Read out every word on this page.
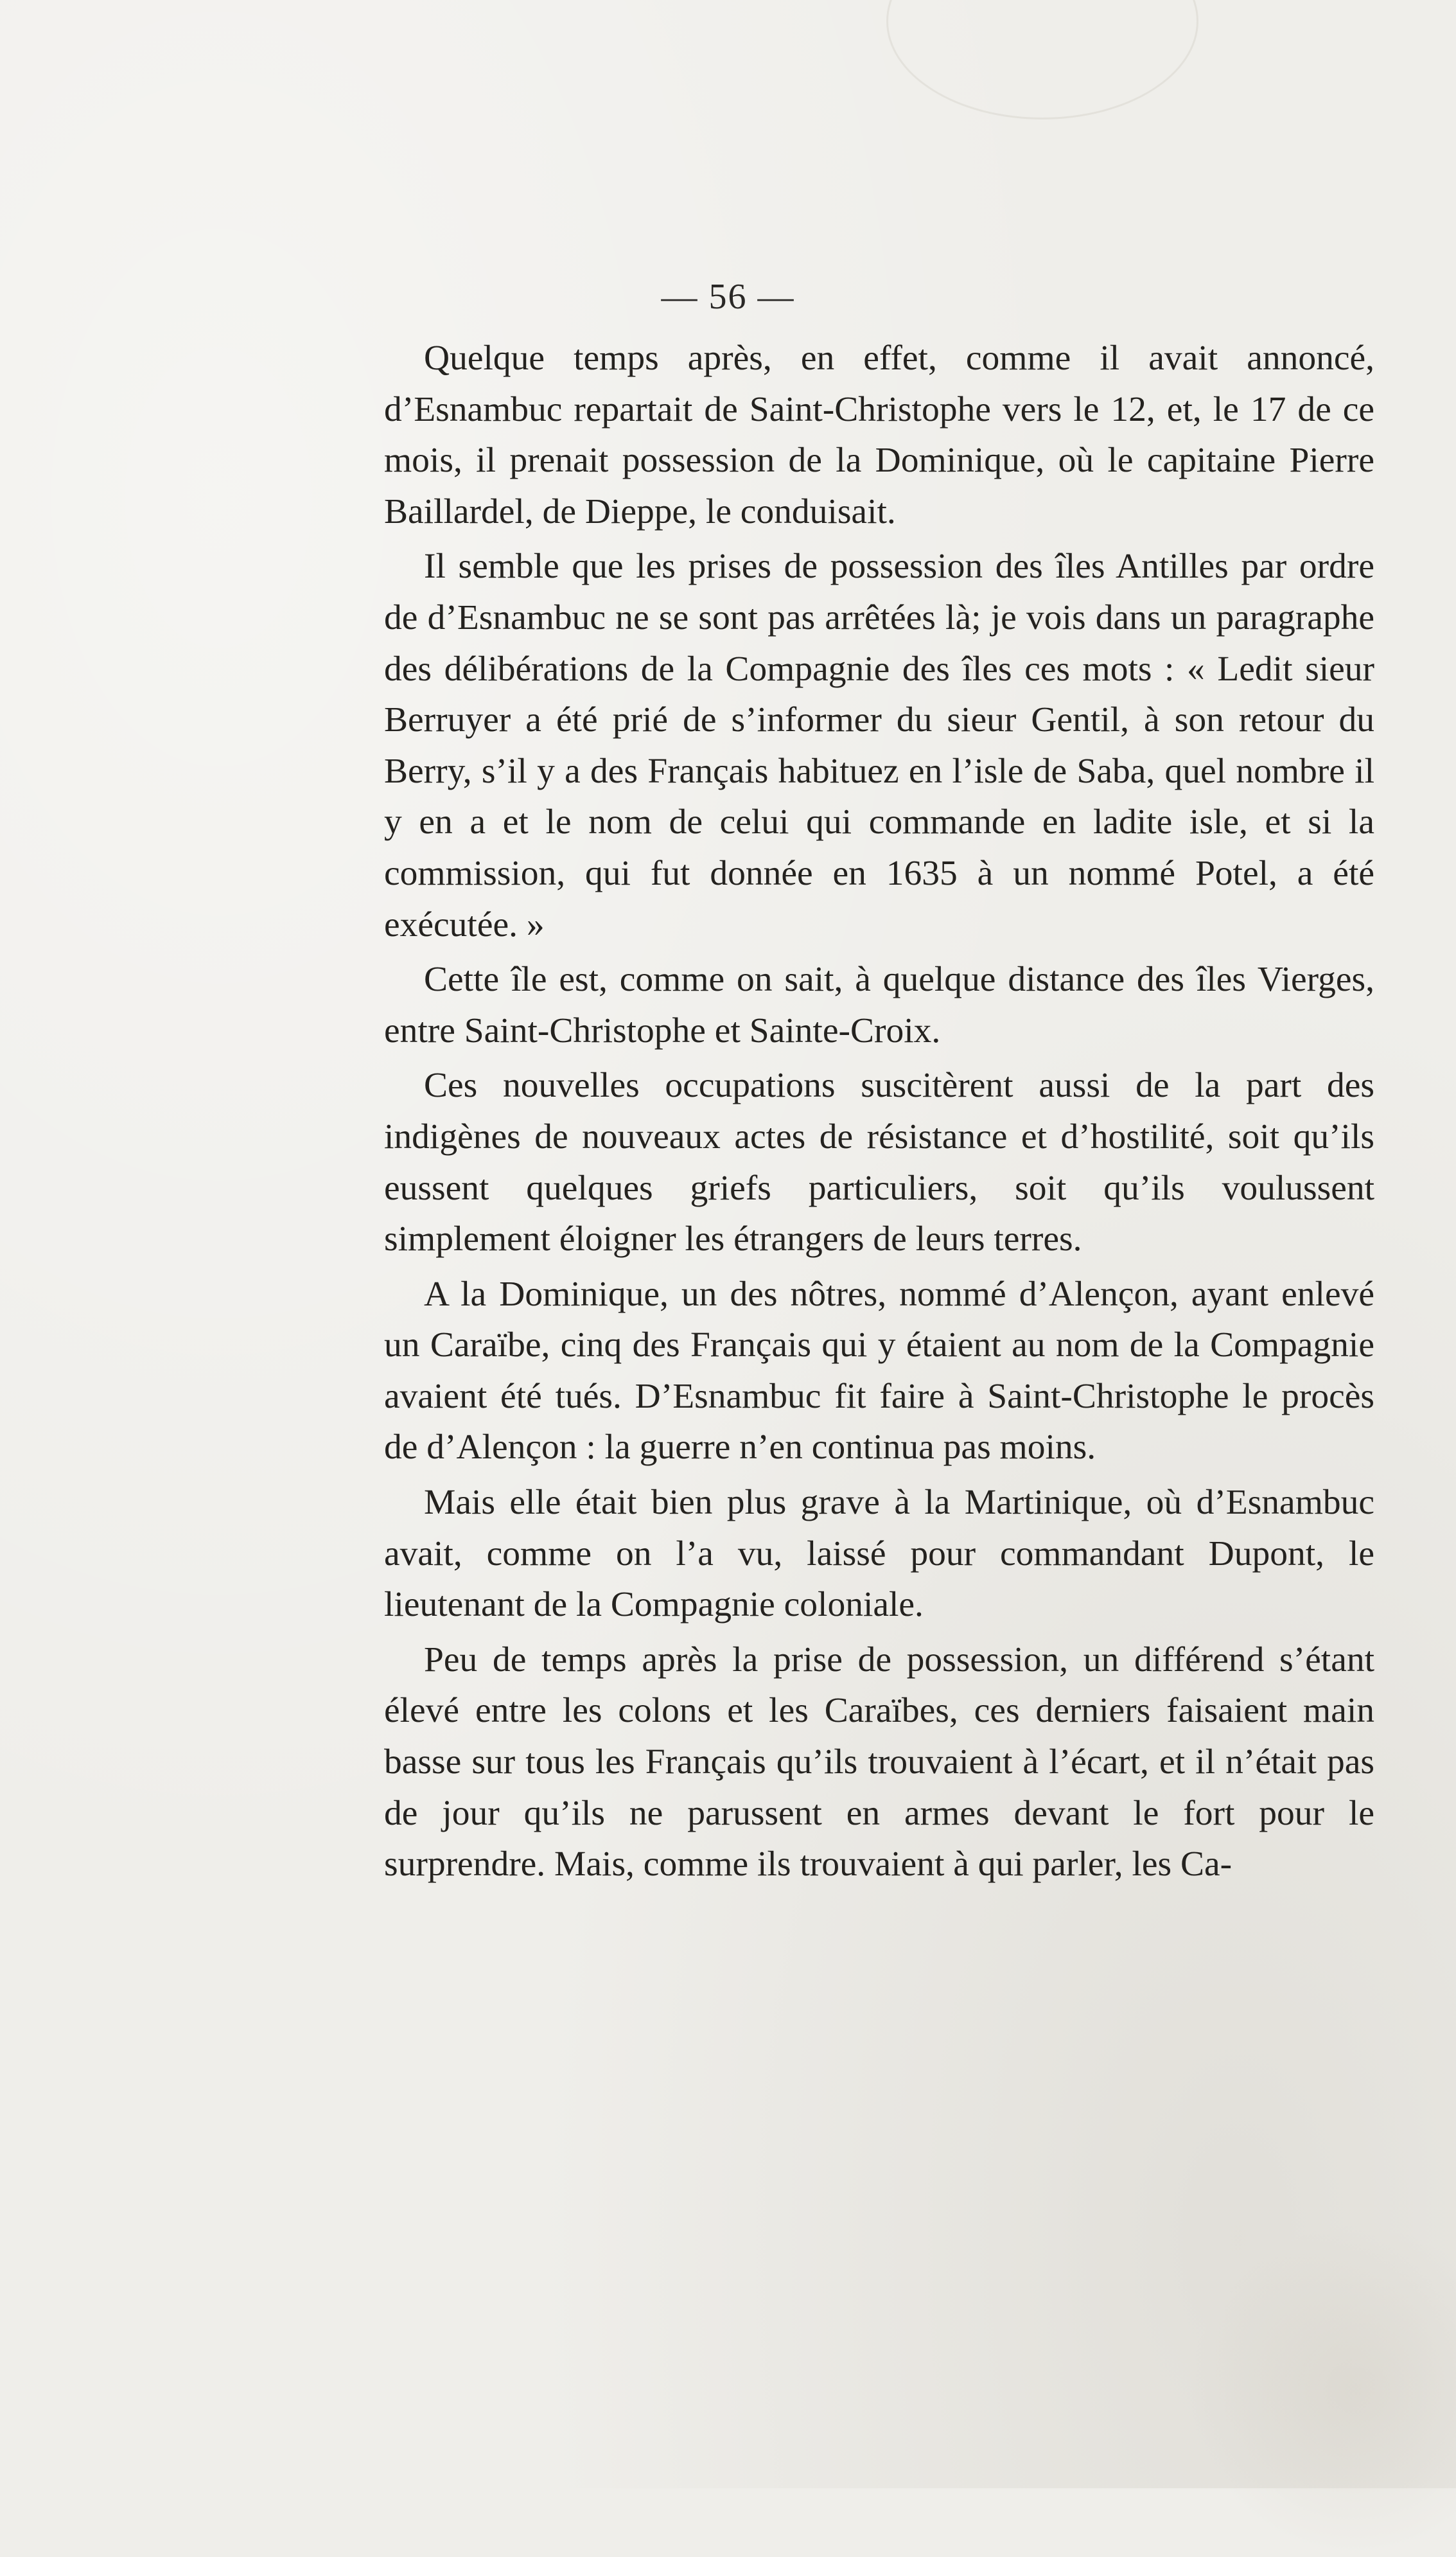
— 56 —

Quelque temps après, en effet, comme il avait annoncé, d’Esnambuc repartait de Saint-Christophe vers le 12, et, le 17 de ce mois, il prenait possession de la Dominique, où le capitaine Pierre Baillardel, de Dieppe, le conduisait.

Il semble que les prises de possession des îles Antilles par ordre de d’Esnambuc ne se sont pas arrêtées là; je vois dans un paragraphe des délibérations de la Compagnie des îles ces mots : « Ledit sieur Berruyer a été prié de s’informer du sieur Gentil, à son retour du Berry, s’il y a des Français habituez en l’isle de Saba, quel nombre il y en a et le nom de celui qui commande en ladite isle, et si la commission, qui fut donnée en 1635 à un nommé Potel, a été exécutée. »

Cette île est, comme on sait, à quelque distance des îles Vierges, entre Saint-Christophe et Sainte-Croix.

Ces nouvelles occupations suscitèrent aussi de la part des indigènes de nouveaux actes de résistance et d’hostilité, soit qu’ils eussent quelques griefs particuliers, soit qu’ils voulussent simplement éloigner les étrangers de leurs terres.

A la Dominique, un des nôtres, nommé d’Alençon, ayant enlevé un Caraïbe, cinq des Français qui y étaient au nom de la Compagnie avaient été tués. D’Esnambuc fit faire à Saint-Christophe le procès de d’Alençon : la guerre n’en continua pas moins.

Mais elle était bien plus grave à la Martinique, où d’Esnambuc avait, comme on l’a vu, laissé pour commandant Dupont, le lieutenant de la Compagnie coloniale.

Peu de temps après la prise de possession, un différend s’étant élevé entre les colons et les Caraïbes, ces derniers faisaient main basse sur tous les Français qu’ils trouvaient à l’écart, et il n’était pas de jour qu’ils ne parussent en armes devant le fort pour le surprendre. Mais, comme ils trouvaient à qui parler, les Ca-
